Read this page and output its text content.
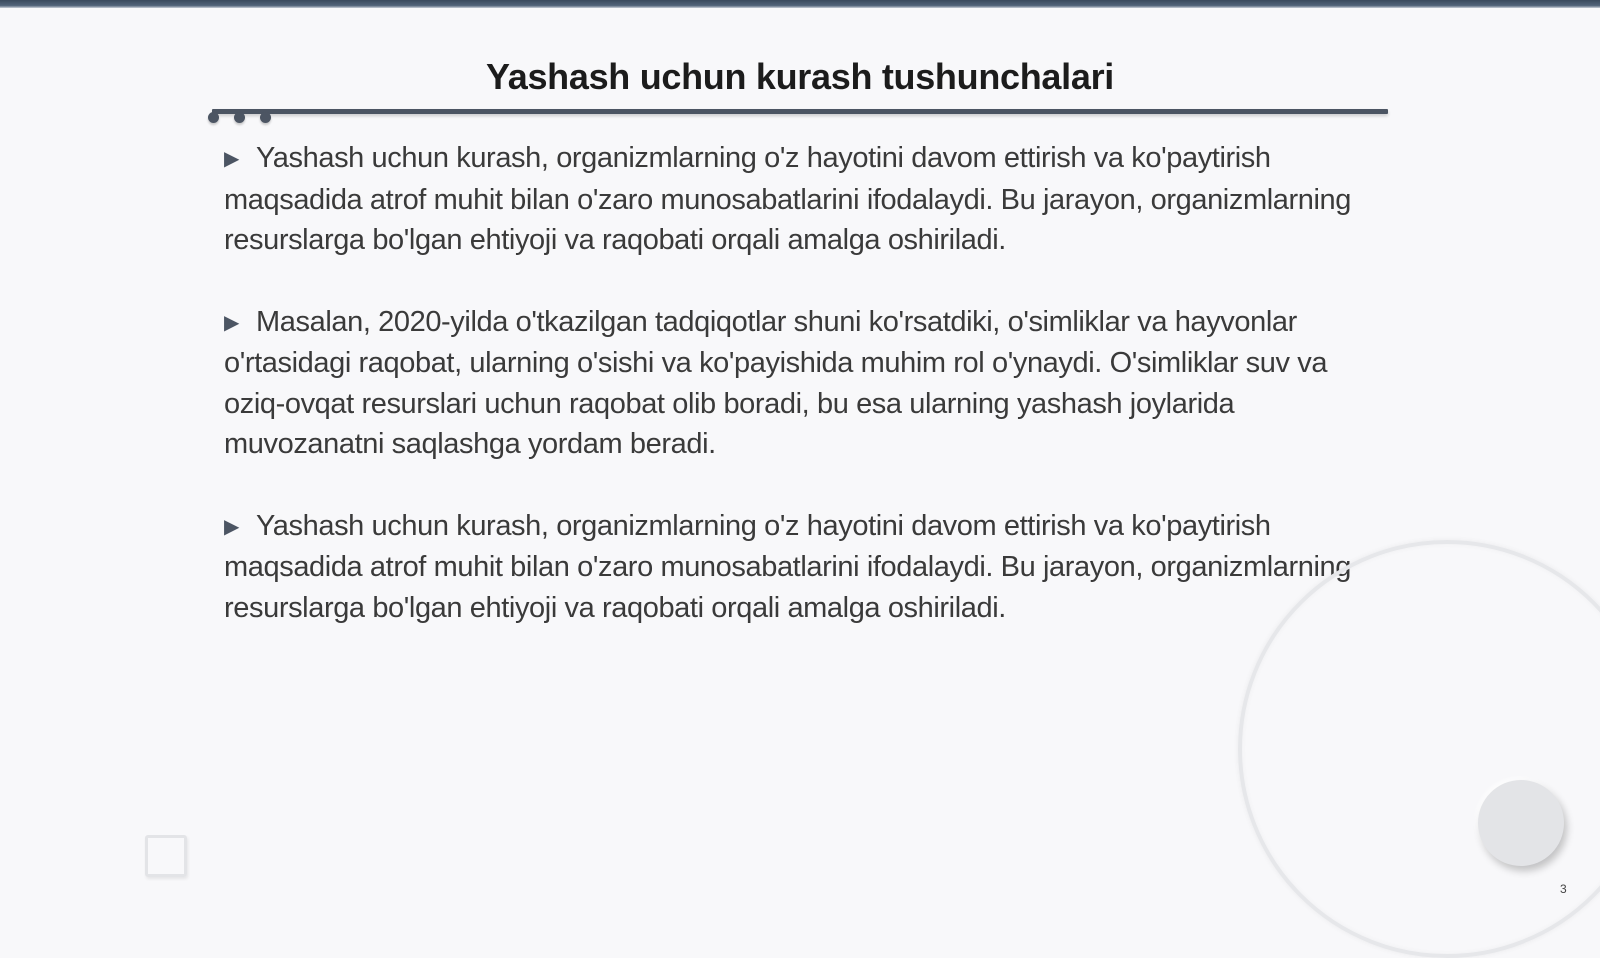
Yashash uchun kurash tushunchalari

▶ Yashash uchun kurash, organizmlarning o'z hayotini davom ettirish va ko'paytirish maqsadida atrof muhit bilan o'zaro munosabatlarini ifodalaydi. Bu jarayon, organizmlarning resurslarga bo'lgan ehtiyoji va raqobati orqali amalga oshiriladi.

▶ Masalan, 2020-yilda o'tkazilgan tadqiqotlar shuni ko'rsatdiki, o'simliklar va hayvonlar o'rtasidagi raqobat, ularning o'sishi va ko'payishida muhim rol o'ynaydi. O'simliklar suv va oziq-ovqat resurslari uchun raqobat olib boradi, bu esa ularning yashash joylarida muvozanatni saqlashga yordam beradi.

▶ Yashash uchun kurash, organizmlarning o'z hayotini davom ettirish va ko'paytirish maqsadida atrof muhit bilan o'zaro munosabatlarini ifodalaydi. Bu jarayon, organizmlarning resurslarga bo'lgan ehtiyoji va raqobati orqali amalga oshiriladi.

3
